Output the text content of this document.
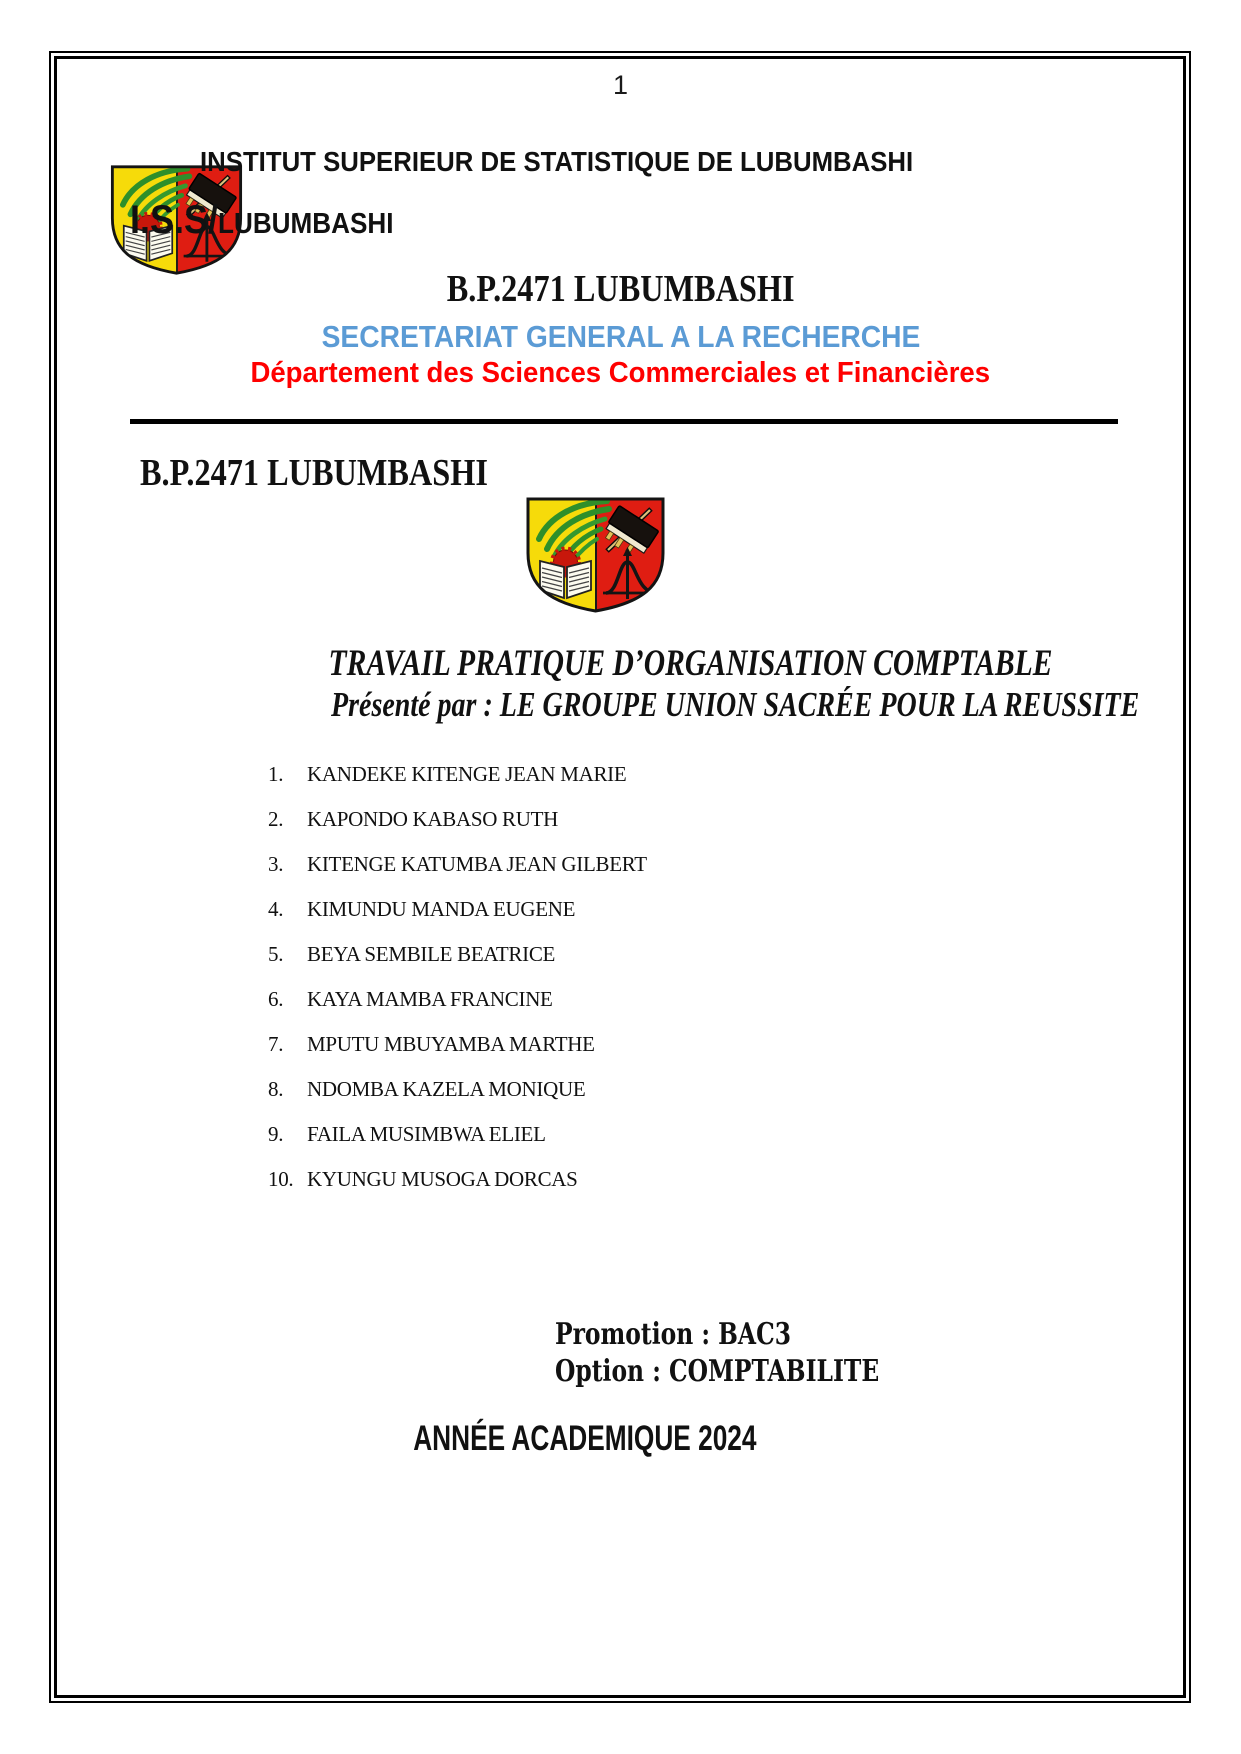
1
INSTITUT SUPERIEUR DE STATISTIQUE DE LUBUMBASHI
I.S.S/LUBUMBASHI
B.P.2471 LUBUMBASHI
SECRETARIAT GENERAL A LA RECHERCHE
Département des Sciences Commerciales et Financières
B.P.2471 LUBUMBASHI
TRAVAIL PRATIQUE D’ORGANISATION COMPTABLE
Présenté par : LE GROUPE UNION SACRÉE POUR LA REUSSITE
1.	KANDEKE KITENGE JEAN MARIE
2.	KAPONDO KABASO RUTH
3.	KITENGE KATUMBA JEAN GILBERT
4.	KIMUNDU MANDA EUGENE
5.	BEYA SEMBILE BEATRICE
6.	KAYA MAMBA FRANCINE
7.	MPUTU MBUYAMBA MARTHE
8.	NDOMBA KAZELA MONIQUE
9.	FAILA MUSIMBWA ELIEL
10. KYUNGU MUSOGA DORCAS
Promotion : BAC3
Option : COMPTABILITE
ANNÉE ACADEMIQUE 2024
